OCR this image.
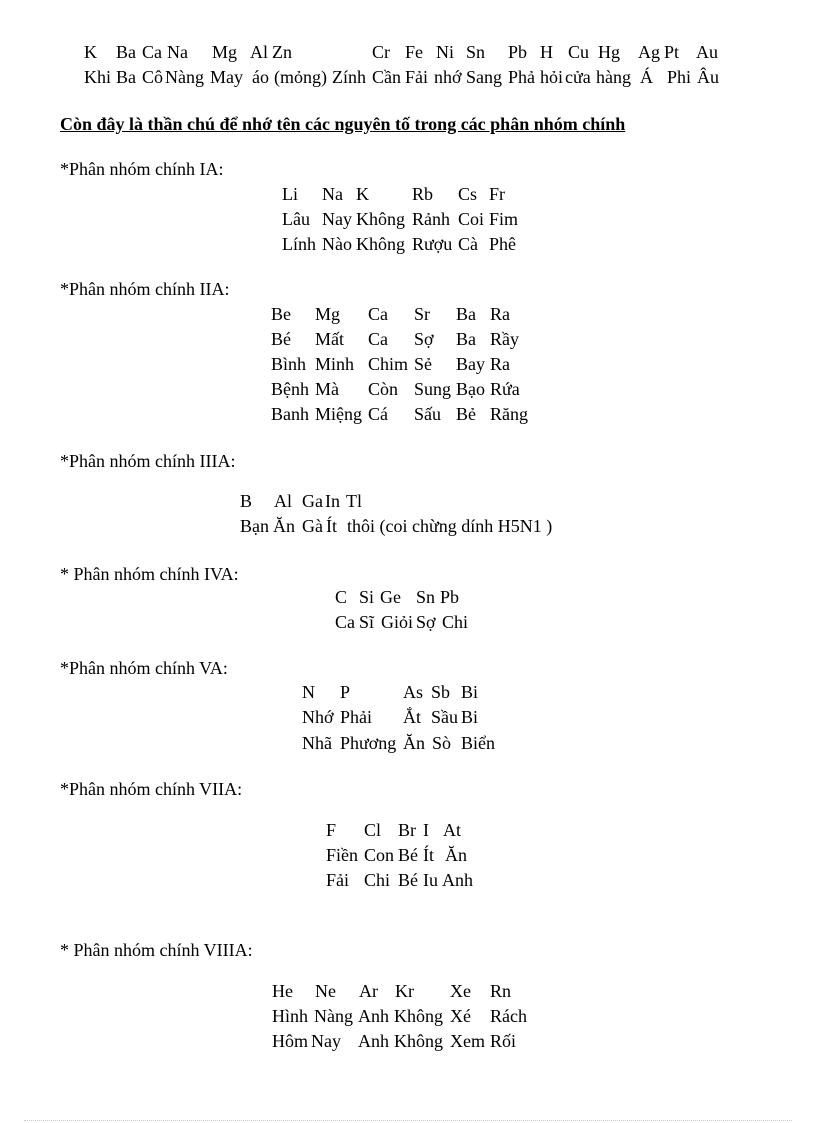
K Ba Ca Na Mg Al Zn	Cr Fe Ni Sn Pb H Cu Hg Ag Pt Au
Khi Ba Cô Nàng May áo (mỏng) Zính Cần Fải nhớ Sang Phả hỏi cửa hàng Á Phi Âu
Còn đây là thần chú để nhớ tên các nguyên tố trong các phân nhóm chính
*Phân nhóm chính IA:
Li Na K Rb Cs Fr
Lâu Nay Không Rảnh Coi Fim
Lính Nào Không Rượu Cà Phê
*Phân nhóm chính IIA:
Be Mg Ca Sr Ba Ra
Bé Mất Ca Sợ Ba Rầy
Bình Minh Chim Sẻ Bay Ra
Bệnh Mà Còn Sung Bạo Rứa
Banh Miệng Cá Sấu Bẻ Răng
*Phân nhóm chính IIIA:
B Al Ga In Tl
Bạn Ăn Gà Ít thôi (coi chừng dính H5N1 )
* Phân nhóm chính IVA:
C Si Ge Sn Pb
Ca Sĩ Giỏi Sợ Chi
*Phân nhóm chính VA:
N P	As Sb Bi
Nhớ Phải Ắt Sầu Bi
Nhã Phương Ăn Sò Biển
*Phân nhóm chính VIIA:
F Cl Br I At
Fiền Con Bé Ít Ăn
Fải Chi Bé Iu Anh
* Phân nhóm chính VIIIA:
He Ne Ar Kr Xe Rn
Hình Nàng Anh Không Xé Rách
Hôm Nay Anh Không Xem Rối
